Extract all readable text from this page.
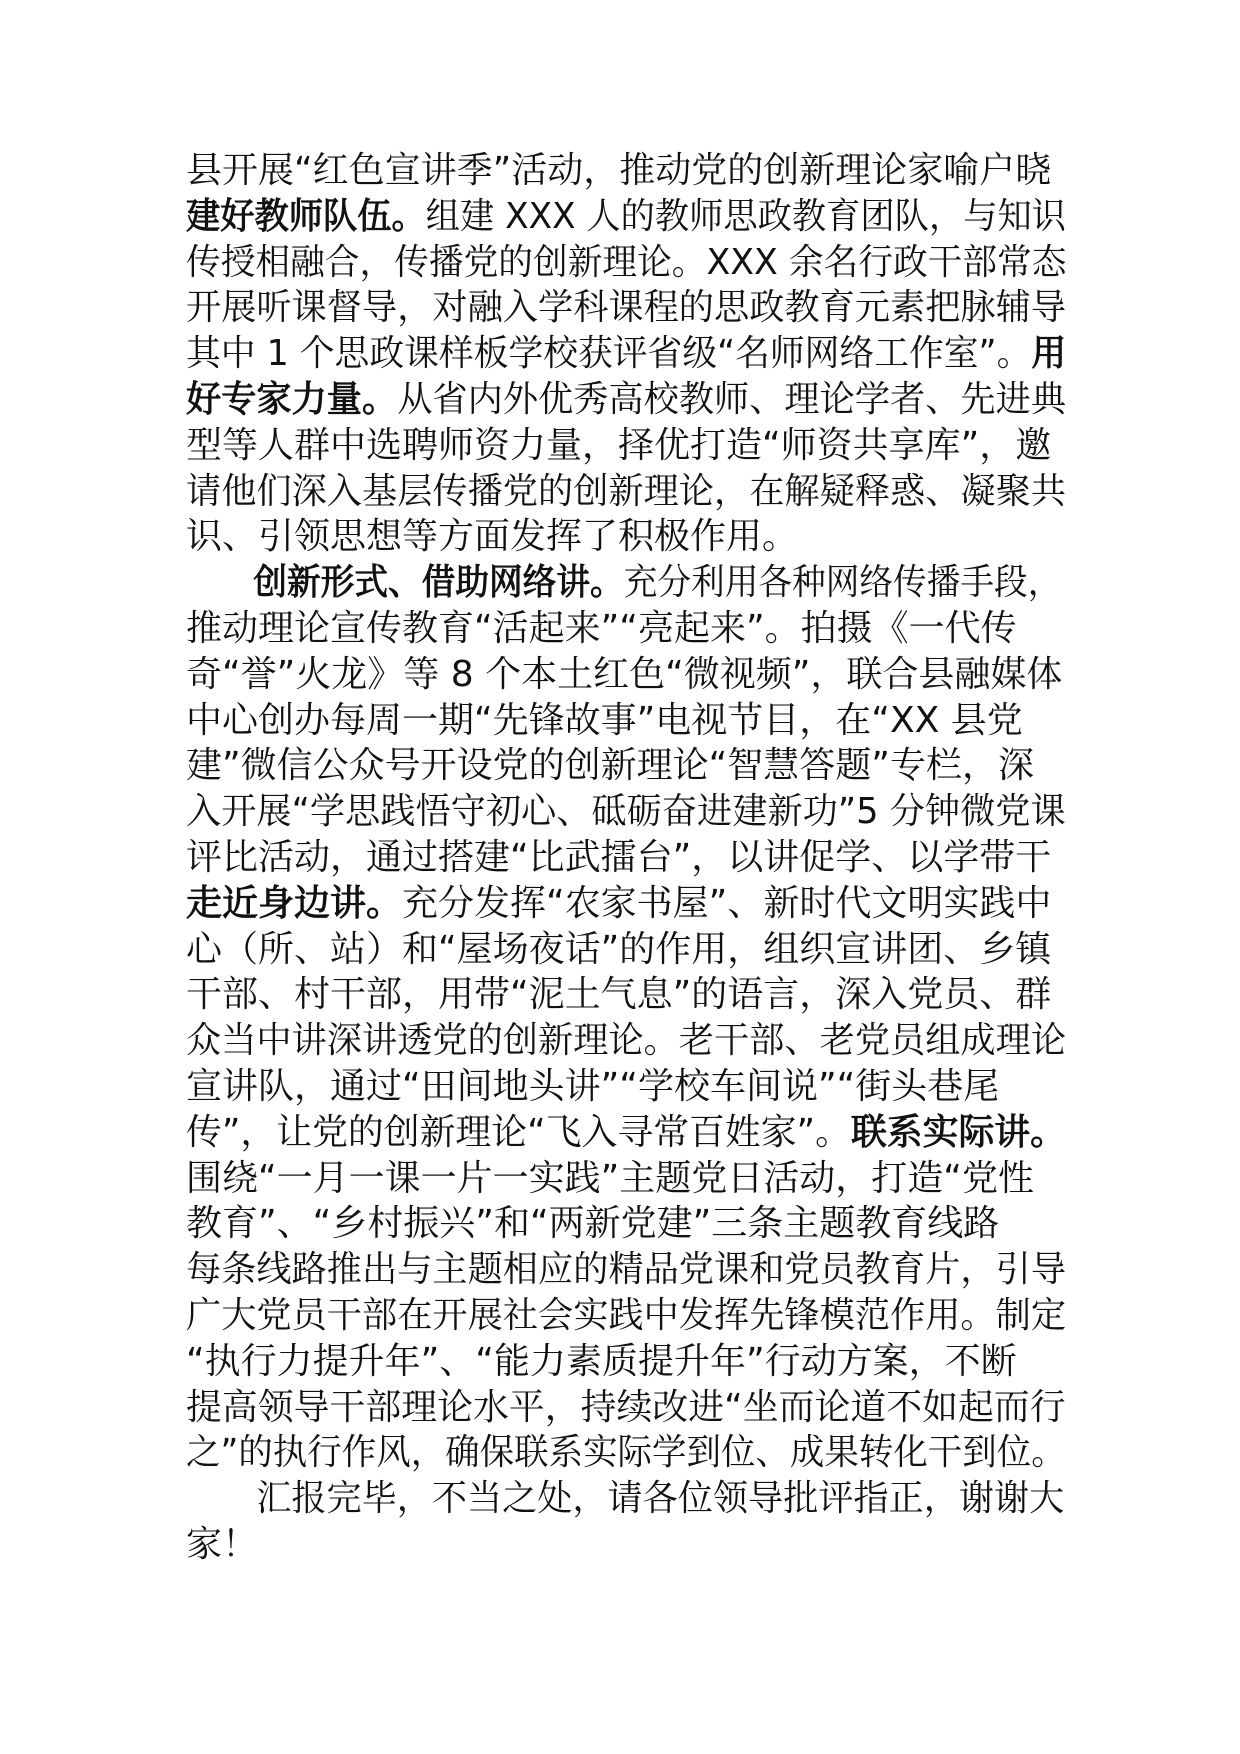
县开展“红色宣讲季”活动，推动党的创新理论家喻户晓
建好教师队伍。组建 XXX 人的教师思政教育团队，与知识
传授相融合，传播党的创新理论。XXX 余名行政干部常态
开展听课督导，对融入学科课程的思政教育元素把脉辅导
其中 1 个思政课样板学校获评省级“名师网络工作室”。用
好专家力量。从省内外优秀高校教师、理论学者、先进典
型等人群中选聘师资力量，择优打造“师资共享库”，邀
请他们深入基层传播党的创新理论，在解疑释惑、凝聚共
识、引领思想等方面发挥了积极作用。
创新形式、借助网络讲。充分利用各种网络传播手段，
推动理论宣传教育“活起来”“亮起来”。拍摄《一代传
奇“誉”火龙》等 8 个本土红色“微视频”，联合县融媒体
中心创办每周一期“先锋故事”电视节目，在“XX 县党
建”微信公众号开设党的创新理论“智慧答题”专栏，深
入开展“学思践悟守初心、砥砺奋进建新功”5 分钟微党课
评比活动，通过搭建“比武擂台”，以讲促学、以学带干
走近身边讲。充分发挥“农家书屋”、新时代文明实践中
心（所、站）和“屋场夜话”的作用，组织宣讲团、乡镇
干部、村干部，用带“泥土气息”的语言，深入党员、群
众当中讲深讲透党的创新理论。老干部、老党员组成理论
宣讲队，通过“田间地头讲”“学校车间说”“街头巷尾
传”，让党的创新理论“飞入寻常百姓家”。联系实际讲。
围绕“一月一课一片一实践”主题党日活动，打造“党性
教育”、“乡村振兴”和“两新党建”三条主题教育线路
每条线路推出与主题相应的精品党课和党员教育片，引导
广大党员干部在开展社会实践中发挥先锋模范作用。制定
“执行力提升年”、“能力素质提升年”行动方案，不断
提高领导干部理论水平，持续改进“坐而论道不如起而行
之”的执行作风，确保联系实际学到位、成果转化干到位。
汇报完毕，不当之处，请各位领导批评指正，谢谢大
家！
